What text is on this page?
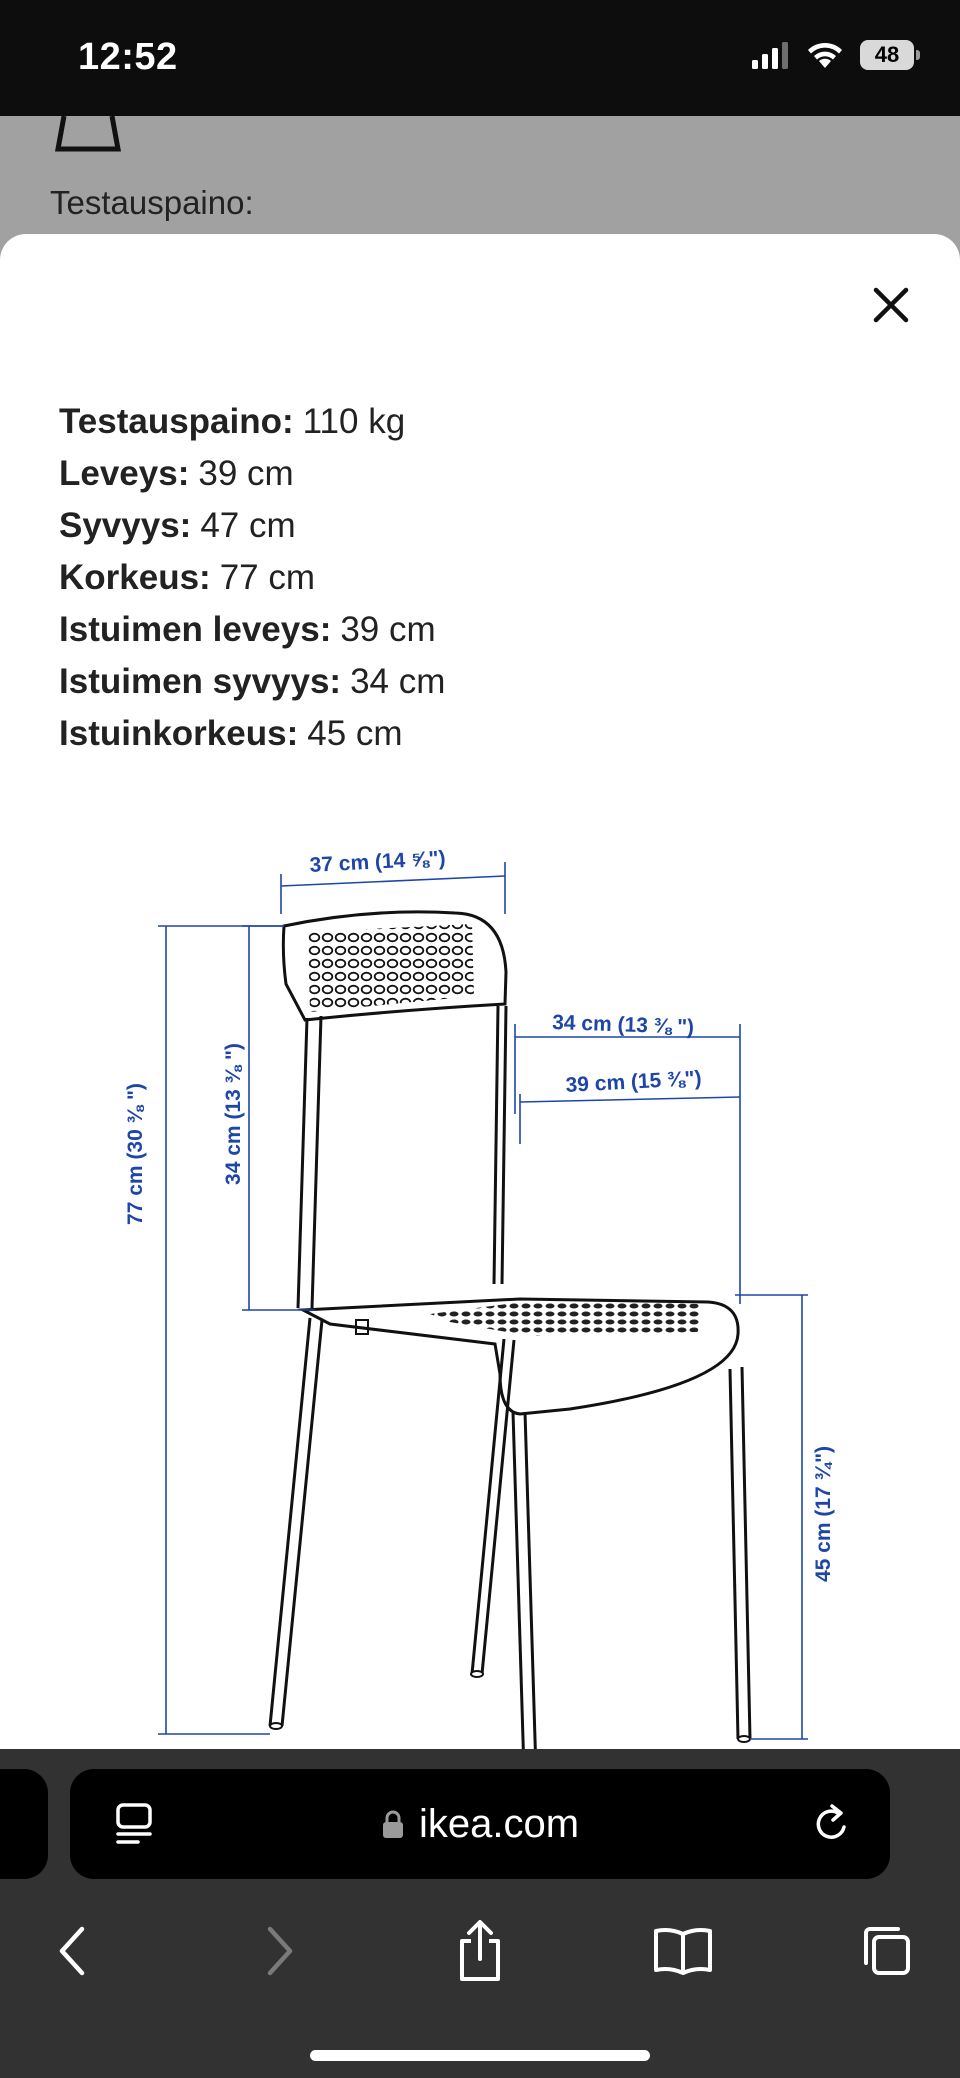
12:52	48
Testauspaino:
Testauspaino: 110 kg
Leveys: 39 cm
Syvyys: 47 cm
Korkeus: 77 cm
Istuimen leveys: 39 cm
Istuimen syvyys: 34 cm
Istuinkorkeus: 45 cm
37 cm (14 ⅝")
34 cm (13 ⅜ ")
77 cm (30 ⅜ ")
34 cm (13 ⅜ ")
39 cm (15 ⅜")
45 cm (17 ¾")
ikea.com
